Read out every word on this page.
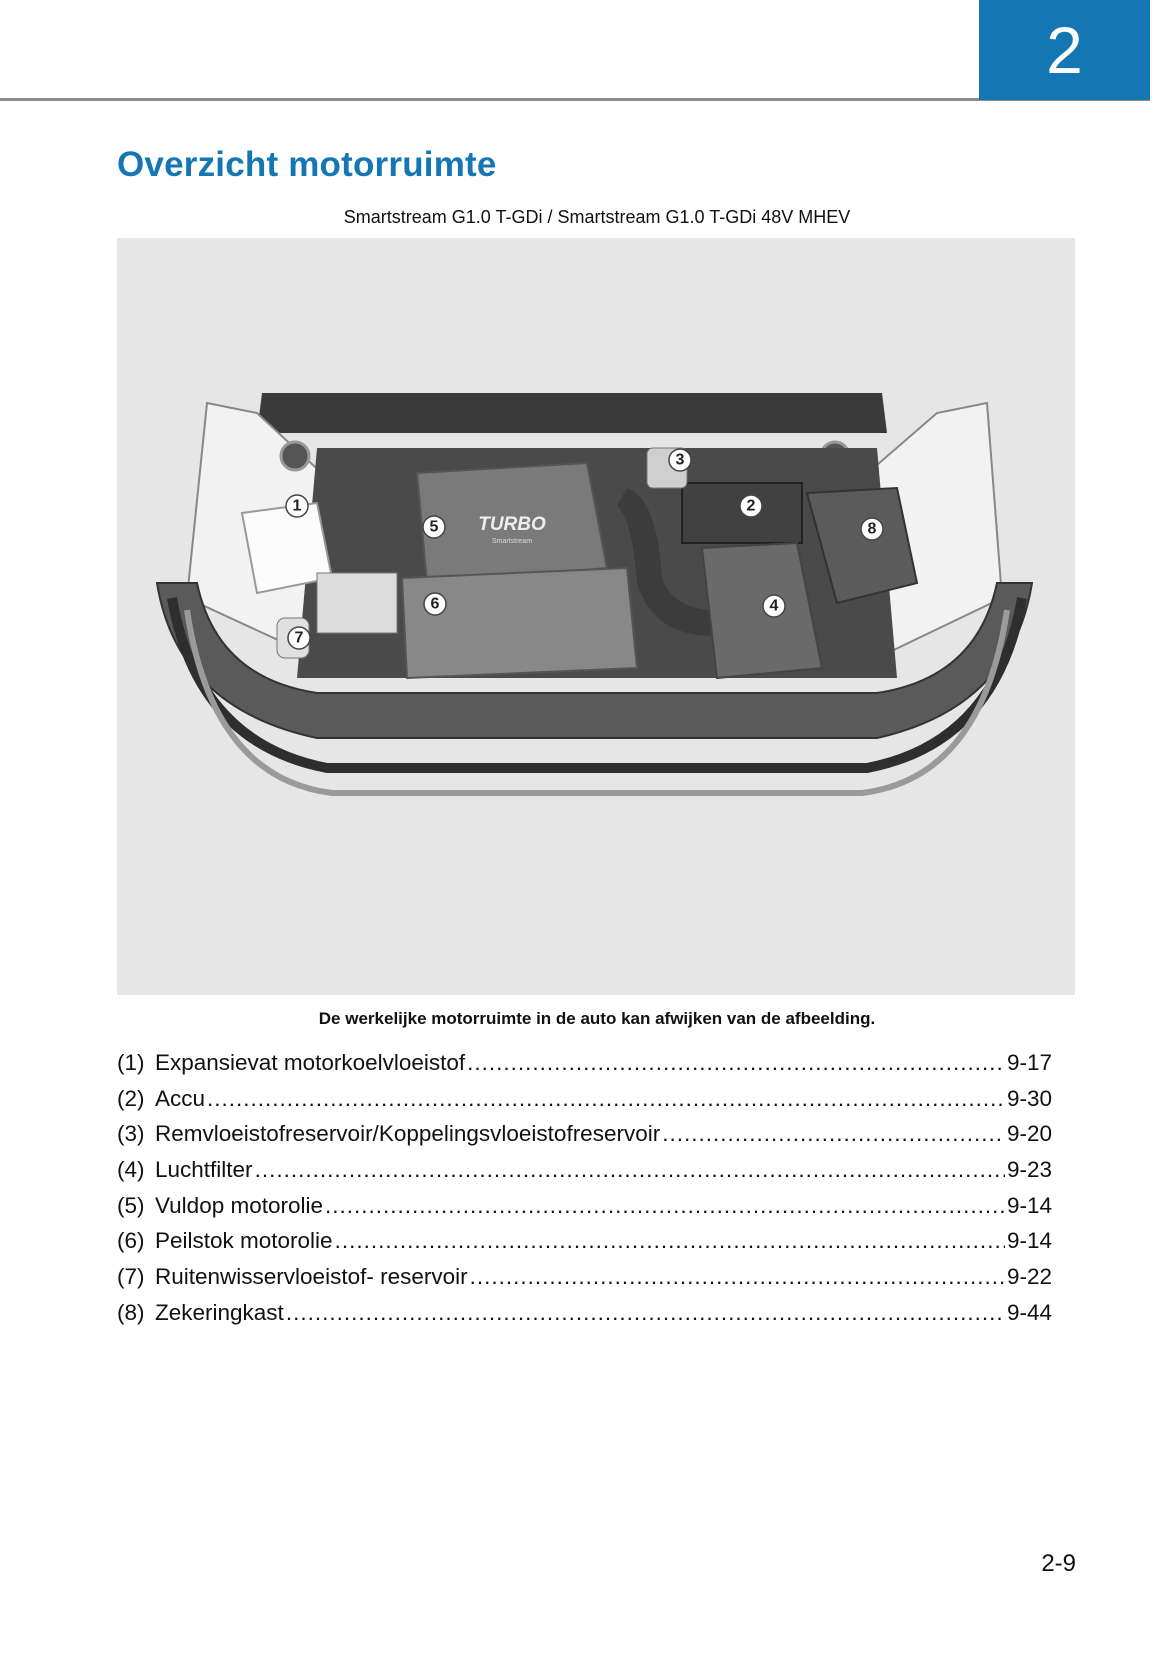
2
Overzicht motorruimte
Smartstream G1.0 T-GDi / Smartstream G1.0 T-GDi 48V MHEV
TURBO
Smartstream
1	2
3
4
5
6
7
8
De werkelijke motorruimte in de auto kan afwijken van de afbeelding.
(1) Expansievat motorkoelvloeistof .....	9-17
(2) Accu .....	9-30
(3) Remvloeistofreservoir/Koppelingsvloeistofreservoir .....	9-20
(4) Luchtfilter .....	9-23
(5) Vuldop motorolie .....	9-14
(6) Peilstok motorolie .....	9-14
(7) Ruitenwisservloeistof- reservoir .....	9-22
(8) Zekeringkast .....	9-44
2-9
